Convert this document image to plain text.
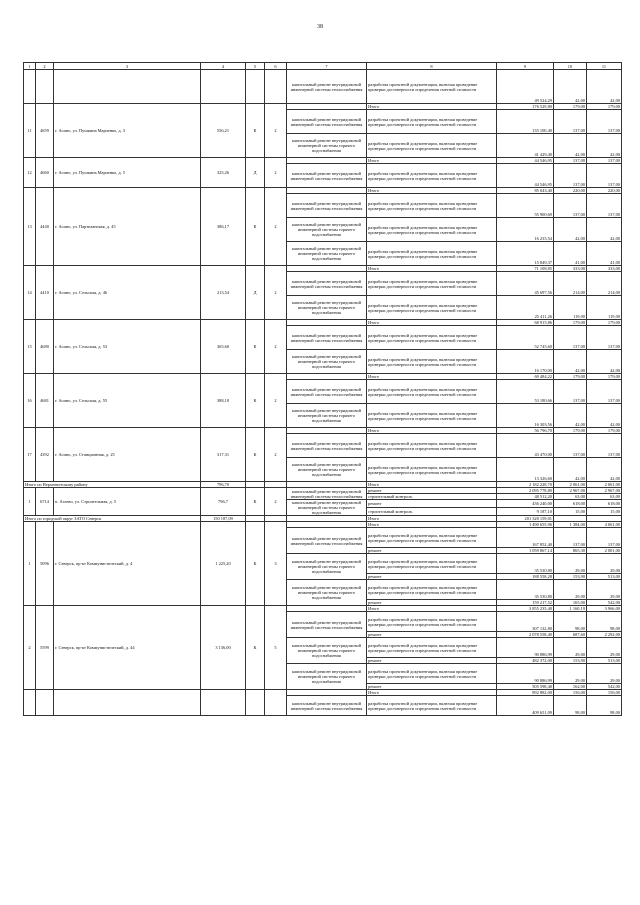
38
1	2	3	4	5	6	7	8	9	10	11
						капитальный ремонт внутридомовой инженерной системы теплоснабжения	разработка проектной документации, включая проведение проверки достоверности определения сметной стоимости	49 524,29	42,00	42,00
11	4659	г. Асино, ул. Пушкина Марченко, д. 3	556,21	К	2		Итого	176 529,80	179,00	179,00
						капитальный ремонт внутридомовой инженерной системы теплоснабжения	разработка проектной документации, включая проведение проверки достоверности определения сметной стоимости	135 100,40	137,00	137,00
						капитальный ремонт внутридомовой инженерной системы горячего водоснабжения	разработка проектной документации, включая проведение проверки достоверности определения сметной стоимости	41 429,40	42,00	42,00
12	4660	г. Асино, ул. Пушкина Марченко, д. 5	325,26	Д	2		Итого	44 546,95	137,00	137,00
						капитальный ремонт внутридомовой инженерной системы теплоснабжения	разработка проектной документации, включая проведение проверки достоверности определения сметной стоимости	44 546,95	137,00	137,00
13	4440	г. Асино, ул. Партизанская, д. 45	386,17	К	2		Итого	85 043,40	220,00	220,00
						капитальный ремонт внутридомовой инженерной системы теплоснабжения	разработка проектной документации, включая проведение проверки достоверности определения сметной стоимости	55 900,69	137,00	137,00
						капитальный ремонт внутридомовой инженерной системы горячего водоснабжения	разработка проектной документации, включая проведение проверки достоверности определения сметной стоимости	16 235,54	42,00	42,00
						капитальный ремонт внутридомовой инженерной системы горячего водоснабжения	разработка проектной документации, включая проведение проверки достоверности определения сметной стоимости	15 849,37	41,00	41,00
14	4410	г. Асино, ул. Сельская, д. 46	213,54	Д	2		Итого	71 108,85	333,00	333,00
						капитальный ремонт внутридомовой инженерной системы теплоснабжения	разработка проектной документации, включая проведение проверки достоверности определения сметной стоимости	45 697,56	214,00	214,00
						капитальный ремонт внутридомовой инженерной системы горячего водоснабжения	разработка проектной документации, включая проведение проверки достоверности определения сметной стоимости	25 411,26	119,00	119,00
15	4680	г. Асино, ул. Сельская, д. 53	365,60	К	2		Итого	68 915,86	179,00	179,00
						капитальный ремонт внутридомовой инженерной системы теплоснабжения	разработка проектной документации, включая проведение проверки достоверности определения сметной стоимости	52 745,60	137,00	137,00
						капитальный ремонт внутридомовой инженерной системы горячего водоснабжения	разработка проектной документации, включая проведение проверки достоверности определения сметной стоимости	16 170,00	42,00	42,00
16	4681	г. Асино, ул. Сельская, д. 55	388,18	К	2		Итого	69 484,22	179,00	179,00
						капитальный ремонт внутридомовой инженерной системы теплоснабжения	разработка проектной документации, включая проведение проверки достоверности определения сметной стоимости	53 180,66	137,00	137,00
						капитальный ремонт внутридомовой инженерной системы горячего водоснабжения	разработка проектной документации, включая проведение проверки достоверности определения сметной стоимости	16 303,56	42,00	42,00
17	4392	г. Асино, ул. Станционная, д. 25	317,31	К	2		Итого	56 796,70	179,00	179,00
						капитальный ремонт внутридомовой инженерной системы теплоснабжения	разработка проектной документации, включая проведение проверки достоверности определения сметной стоимости	43 470,00	137,00	137,00
						капитальный ремонт внутридомовой инженерной системы горячего водоснабжения	разработка проектной документации, включая проведение проверки достоверности определения сметной стоимости	13 326,60	42,00	42,00
Итого по Верхнекетскому району			796,70				Итого	2 182 228,70	2 061,00	2 061,00
1	6714	п. Агаево, ул. Строительная, д. 5	796,7	К	2	капитальный ремонт внутридомовой инженерной системы теплоснабжения	ремонт	2 095 778,80	2 967,00	2 967,00
							строительный контроль	48 512,20	63,00	63,00
						капитальный ремонт внутридомовой инженерной системы горячего водоснабжения	ремонт	436 240,00	618,00	618,00
							строительный контроль	9 187,10	15,00	15,00
Итого по городской округ ЗАТО Северск			150 187,09				Итого	201 328 159,01		
1	5096	г. Северск, пр-кт Коммунистический, д. 4	1 225,20	К	3		Итого	1 490 655,96	1 384,00	4 061,00
						капитальный ремонт внутридомовой инженерной системы теплоснабжения	разработка проектной документации, включая проведение проверки достоверности определения сметной стоимости	167 852,40	137,00	137,00
							ремонт	1 059 867,14	865,30	2 001,00
						капитальный ремонт внутридомовой инженерной системы горячего водоснабжения	разработка проектной документации, включая проведение проверки достоверности определения сметной стоимости	35 530,80	29,00	29,00
							ремонт	188 558,28	153,90	513,00
						капитальный ремонт внутридомовой инженерной системы горячего водоснабжения	разработка проектной документации, включая проведение проверки достоверности определения сметной стоимости	35 530,80	29,00	29,00
							ремонт	159 217,52	165,00	542,00
2	5599	г. Северск, пр-кт Коммунистический, д. 44	3 136,00	К	5		Итого	3 855 235,40	1 160,19	3 966,00
						капитальный ремонт внутридомовой инженерной системы теплоснабжения	разработка проектной документации, включая проведение проверки достоверности определения сметной стоимости	307 132,80	98,00	98,00
							ремонт	2 078 558,40	687,60	2 292,00
						капитальный ремонт внутридомовой инженерной системы горячего водоснабжения	разработка проектной документации, включая проведение проверки достоверности определения сметной стоимости	90 886,99	29,00	29,00
							ремонт	482 372,00	153,90	513,00
						капитальный ремонт внутридомовой инженерной системы горячего водоснабжения	разработка проектной документации, включая проведение проверки достоверности определения сметной стоимости	90 886,99	29,00	29,00
							ремонт	505 598,40	162,00	542,00
							Итого	892 882,00	156,00	156,00
						капитальный ремонт внутридомовой инженерной системы теплоснабжения	разработка проектной документации, включая проведение проверки достоверности определения сметной стоимости	409 651,09	98,00	98,00
